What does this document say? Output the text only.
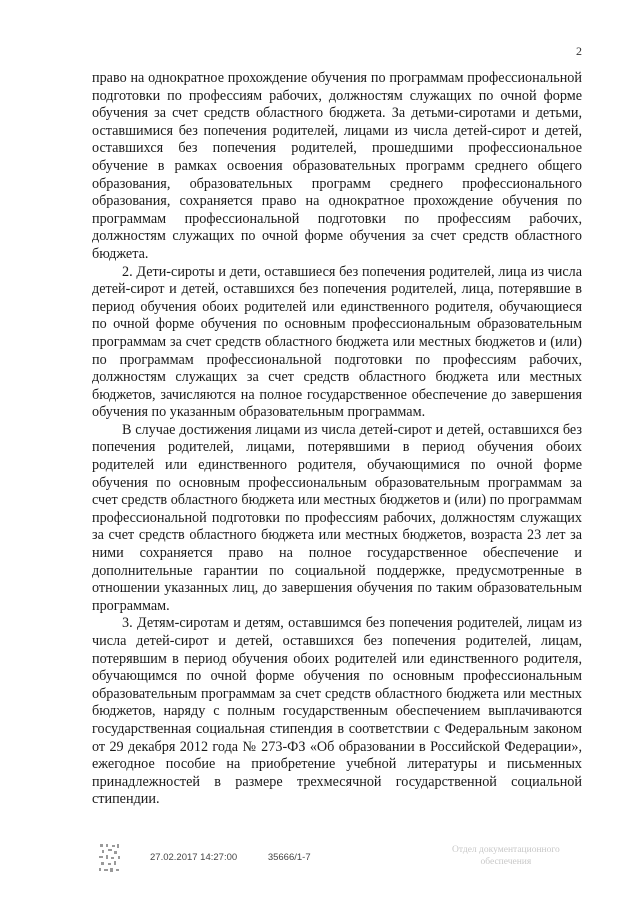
2

право на однократное прохождение обучения по программам профессиональной подготовки по профессиям рабочих, должностям служащих по очной форме обучения за счет средств областного бюджета. За детьми-сиротами и детьми, оставшимися без попечения родителей, лицами из числа детей-сирот и детей, оставшихся без попечения родителей, прошедшими профессиональное обучение в рамках освоения образовательных программ среднего общего образования, образовательных программ среднего профессионального образования, сохраняется право на однократное прохождение обучения по программам профессиональной подготовки по профессиям рабочих, должностям служащих по очной форме обучения за счет средств областного бюджета.

2. Дети-сироты и дети, оставшиеся без попечения родителей, лица из числа детей-сирот и детей, оставшихся без попечения родителей, лица, потерявшие в период обучения обоих родителей или единственного родителя, обучающиеся по очной форме обучения по основным профессиональным образовательным программам за счет средств областного бюджета или местных бюджетов и (или) по программам профессиональной подготовки по профессиям рабочих, должностям служащих за счет средств областного бюджета или местных бюджетов, зачисляются на полное государственное обеспечение до завершения обучения по указанным образовательным программам.

В случае достижения лицами из числа детей-сирот и детей, оставшихся без попечения родителей, лицами, потерявшими в период обучения обоих родителей или единственного родителя, обучающимися по очной форме обучения по основным профессиональным образовательным программам за счет средств областного бюджета или местных бюджетов и (или) по программам профессиональной подготовки по профессиям рабочих, должностям служащих за счет средств областного бюджета или местных бюджетов, возраста 23 лет за ними сохраняется право на полное государственное обеспечение и дополнительные гарантии по социальной поддержке, предусмотренные в отношении указанных лиц, до завершения обучения по таким образовательным программам.

3. Детям-сиротам и детям, оставшимся без попечения родителей, лицам из числа детей-сирот и детей, оставшихся без попечения родителей, лицам, потерявшим в период обучения обоих родителей или единственного родителя, обучающимся по очной форме обучения по основным профессиональным образовательным программам за счет средств областного бюджета или местных бюджетов, наряду с полным государственным обеспечением выплачиваются государственная социальная стипендия в соответствии с Федеральным законом от 29 декабря 2012 года № 273-ФЗ «Об образовании в Российской Федерации», ежегодное пособие на приобретение учебной литературы и письменных принадлежностей в размере трехмесячной государственной социальной стипендии.

27.02.2017 14:27:00	35666/1-7
Отдел документационного
обеспечения
